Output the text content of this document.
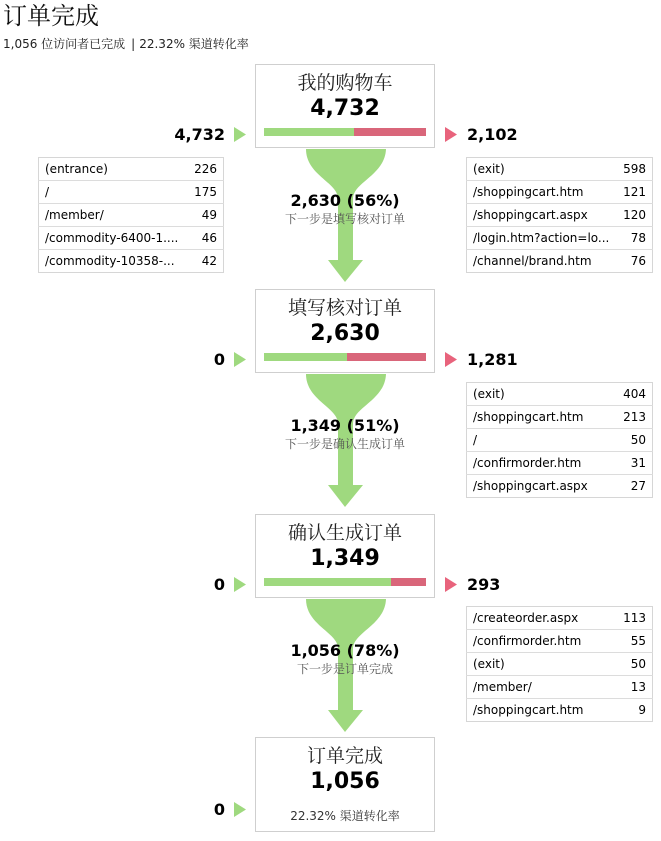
订单完成
1,056 位访问者已完成 | 22.32% 渠道转化率
我的购物车
4,732
4,732	2,102
填写核对订单
2,630
0	1,281
确认生成订单
1,349
0	293
订单完成
1,056
22.32% 渠道转化率
0
2,630 (56%)
下一步是填写核对订单
1,349 (51%)
下一步是确认生成订单
1,056 (78%)
下一步是订单完成
(entrance)	226
/	175
/member/	49
/commodity-6400-1....	46
/commodity-10358-...	42
(exit)	598
/shoppingcart.htm	121
/shoppingcart.aspx	120
/login.htm?action=lo...	78
/channel/brand.htm	76
(exit)	404
/shoppingcart.htm	213
/	50
/confirmorder.htm	31
/shoppingcart.aspx	27
/createorder.aspx	113
/confirmorder.htm	55
(exit)	50
/member/	13
/shoppingcart.htm	9
